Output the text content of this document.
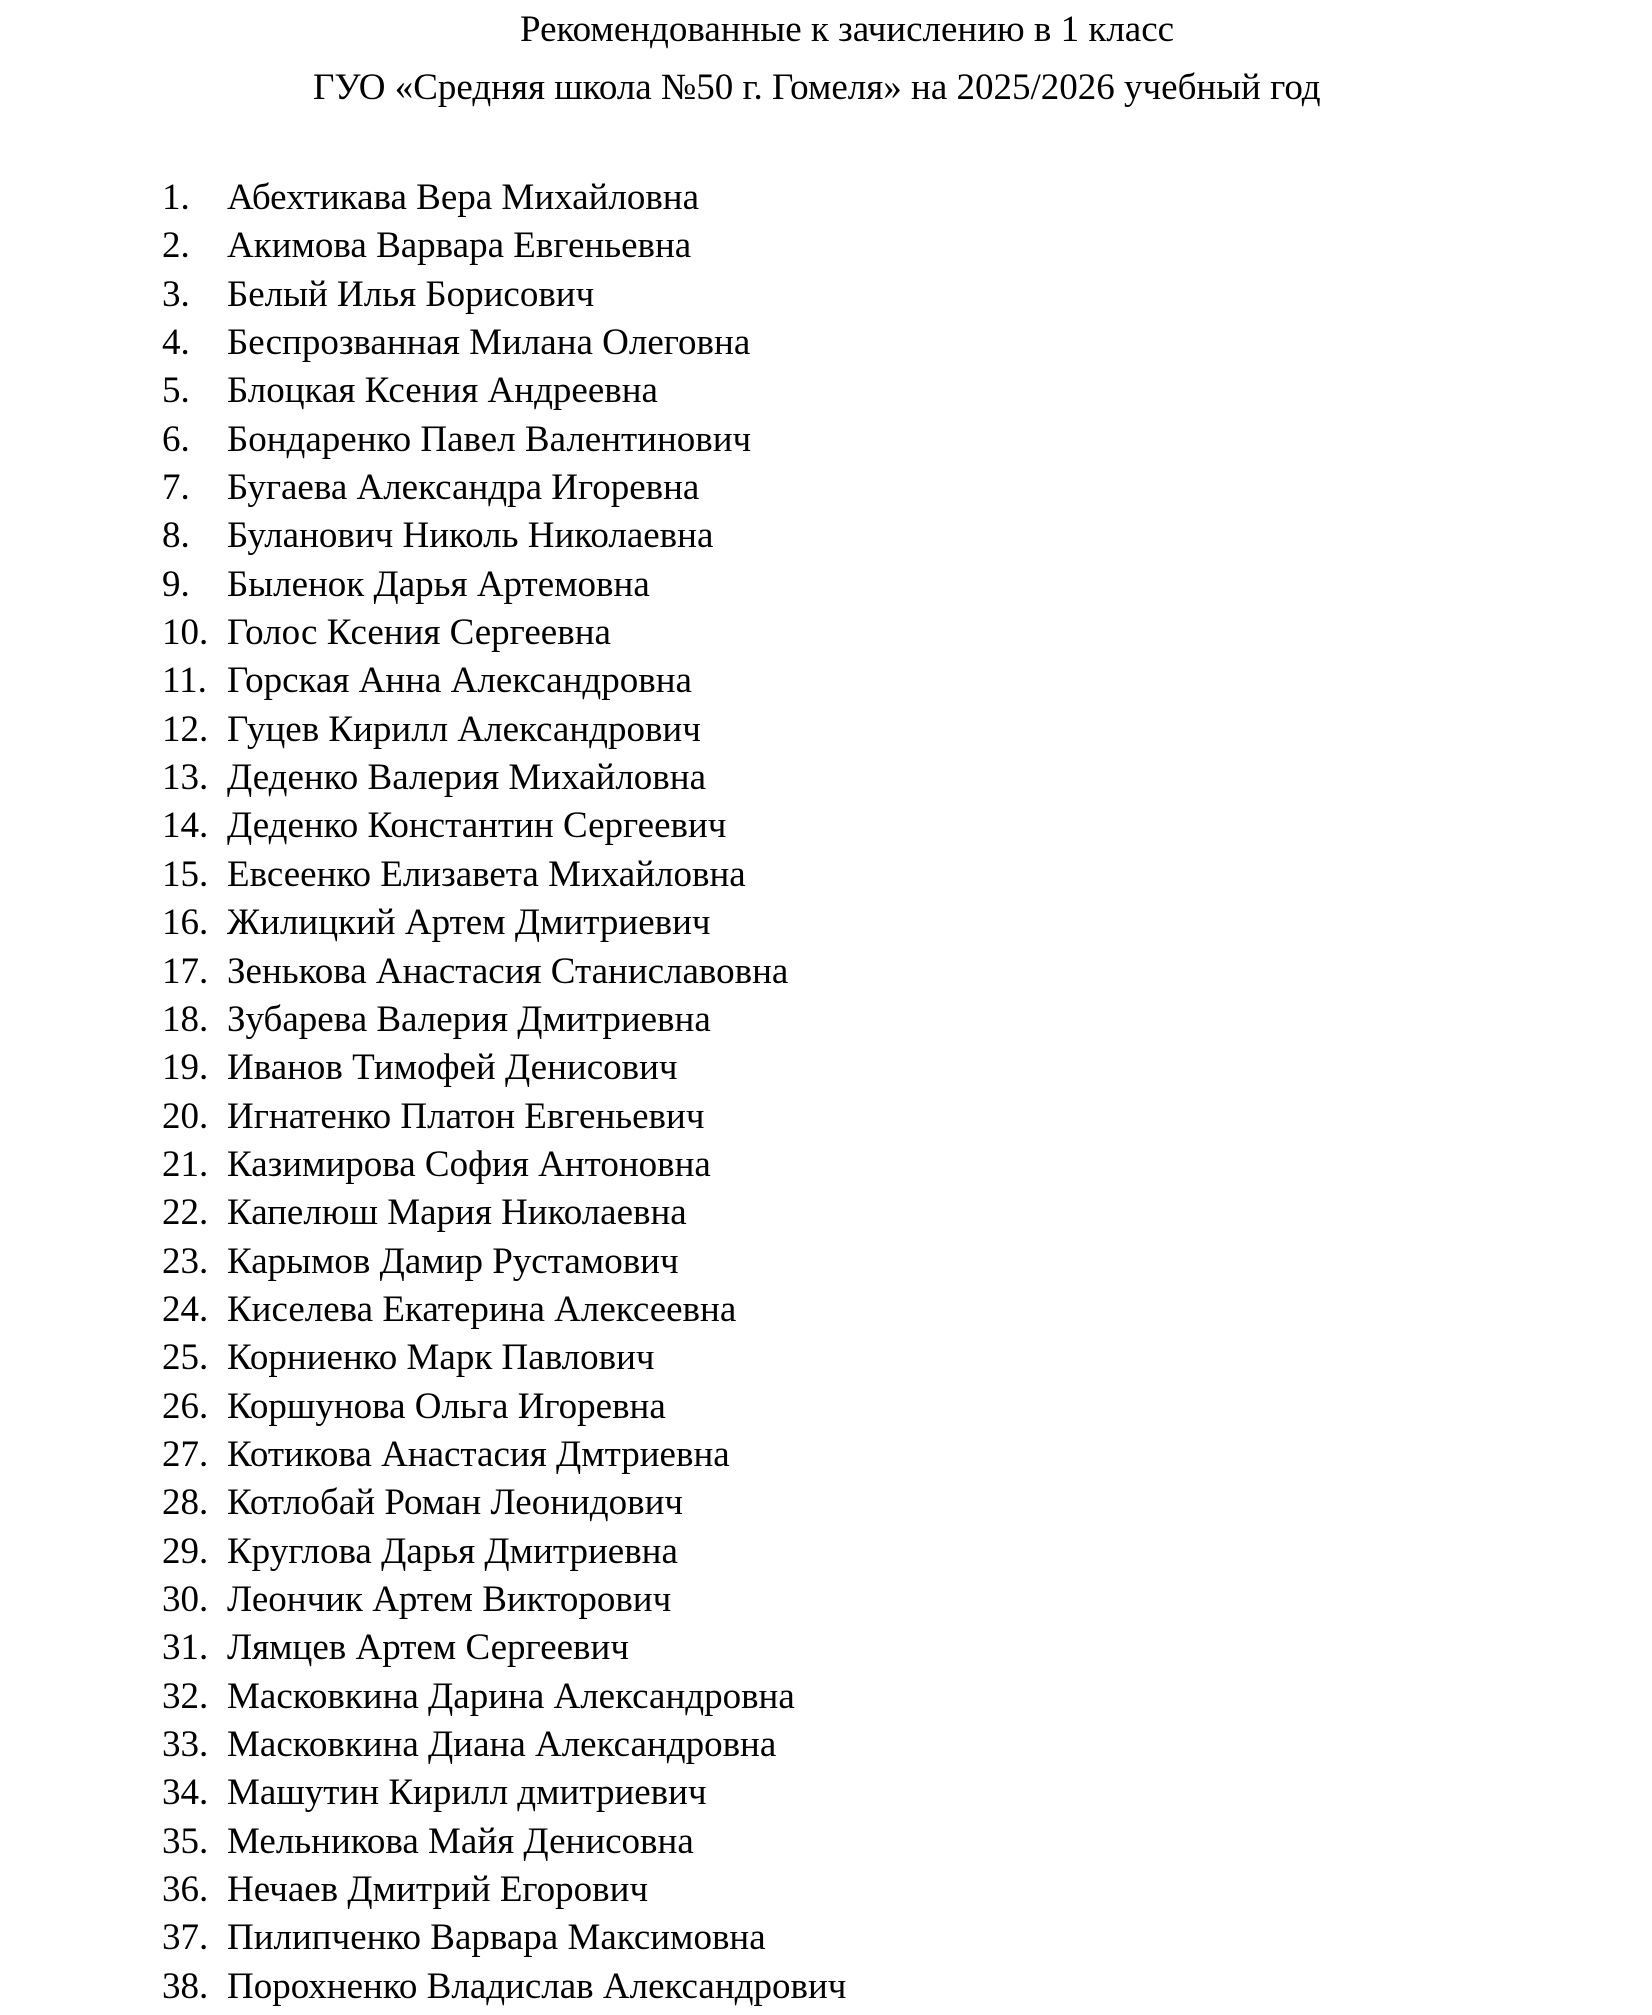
Рекомендованные к зачислению в 1 класс
ГУО «Средняя школа №50 г. Гомеля» на 2025/2026 учебный год
1.	Абехтикава Вера Михайловна
2.	Акимова Варвара Евгеньевна
3.	Белый Илья Борисович
4.	Беспрозванная Милана Олеговна
5.	Блоцкая Ксения Андреевна
6.	Бондаренко Павел Валентинович
7.	Бугаева Александра Игоревна
8.	Буланович Николь Николаевна
9.	Быленок Дарья Артемовна
10. Голос Ксения Сергеевна
11. Горская Анна Александровна
12. Гуцев Кирилл Александрович
13. Деденко Валерия Михайловна
14. Деденко Константин Сергеевич
15. Евсеенко Елизавета Михайловна
16. Жилицкий Артем Дмитриевич
17. Зенькова Анастасия Станиславовна
18. Зубарева Валерия Дмитриевна
19. Иванов Тимофей Денисович
20. Игнатенко Платон Евгеньевич
21. Казимирова София Антоновна
22. Капелюш Мария Николаевна
23. Карымов Дамир Рустамович
24. Киселева Екатерина Алексеевна
25. Корниенко Марк Павлович
26. Коршунова Ольга Игоревна
27. Котикова Анастасия Дмтриевна
28. Котлобай Роман Леонидович
29. Круглова Дарья Дмитриевна
30. Леончик Артем Викторович
31. Лямцев Артем Сергеевич
32. Масковкина Дарина Александровна
33. Масковкина Диана Александровна
34. Машутин Кирилл дмитриевич
35. Мельникова Майя Денисовна
36. Нечаев Дмитрий Егорович
37. Пилипченко Варвара Максимовна
38. Порохненко Владислав Александрович
